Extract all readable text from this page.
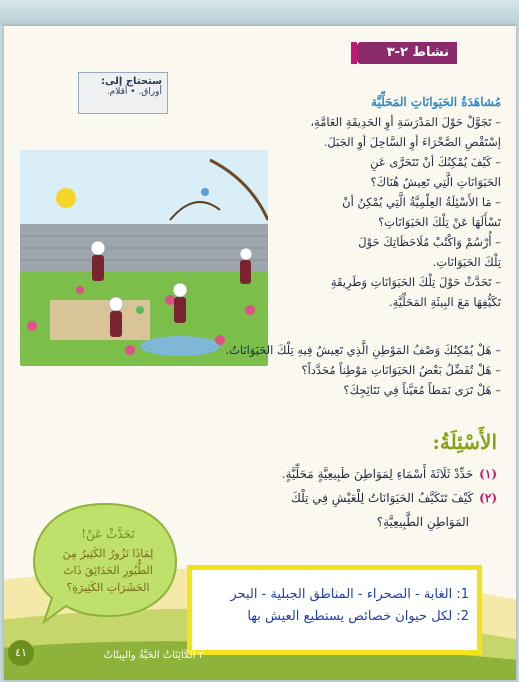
نشاط ٢-٣
ستحتاج إلى:
أوراق. • أقلام.
مُشاهَدَةُ الحَيَوانَاتِ المَحَلِّيَّة
– تَجَوَّلْ حَوْلَ المَدْرَسَةِ أوِ الحَدِيقَةِ العَامَّةِ،
إسْتَقْصِ الصَّحْرَاءَ أوِ السَّاحِلَ أوِ الجَبَلَ.
– كَيْفَ يُمْكِنُكَ أنْ تَتَحَرَّى عَنِ
الحَيَوَانَاتِ الَّتِي تَعِيشُ هُنَاكَ؟
– مَا الأَسْئِلَةُ العِلْمِيَّةُ الَّتِي يُمْكِنُ أنْ
تَسْأَلَهَا عَنْ تِلْكَ الحَيَوَانَاتِ؟
– أُرْسُمْ وَاكْتُبْ مُلَاحَظَاتِكَ حَوْلَ
تِلْكَ الحَيَوَانَاتِ.
– تَحَدَّثْ حَوْلَ تِلْكَ الحَيَوَانَاتِ وَطَرِيقَةِ
تَكَيُّفِهَا مَعَ البِيئَةِ المَحَلِّيَّةِ.
– هَلْ يُمْكِنُكَ وَصْفُ المَوْطِنِ الَّذِي تَعِيشُ فِيهِ تِلْكَ الحَيَوَانَاتُ.
– هَلْ تُفَضِّلُ بَعْضُ الحَيَوَانَاتِ مَوْطِناً مُحَدَّداً؟
– هَلْ تَرَى نَمَطاً مُعَيَّناً فِي نَتَائِجِكَ؟
الأَسْئِلَةُ:
(١)حَدِّدْ ثَلَاثَةَ أَسْمَاءِ لِمَوَاطِنَ طَبِيعِيَّةٍ مَحَلِّيَّةٍ.
(٢)كَيْفَ تَتَكَيَّفُ الحَيَوَانَاتُ لِلْعَيْشِ فِي تِلْكَ
المَوَاطِنِ الطَّبِيعِيَّةِ؟
تَحَدَّثْ عَنْ!
لِمَاذَا تَزُورُ الكَثِيرُ مِنَ الطُّيُورِ الحَدَائِقَ ذَاتَ الحَشَرَاتِ الكَثِيرَةِ؟	1: الغابة - الصحراء - المناطق الجبلية - البحر
2: لكل حيوان خصائص يستطيع العيش بها
٢ الكَائِنَاتُ الحَيَّةُ والبِيئَاتُ
٤١
